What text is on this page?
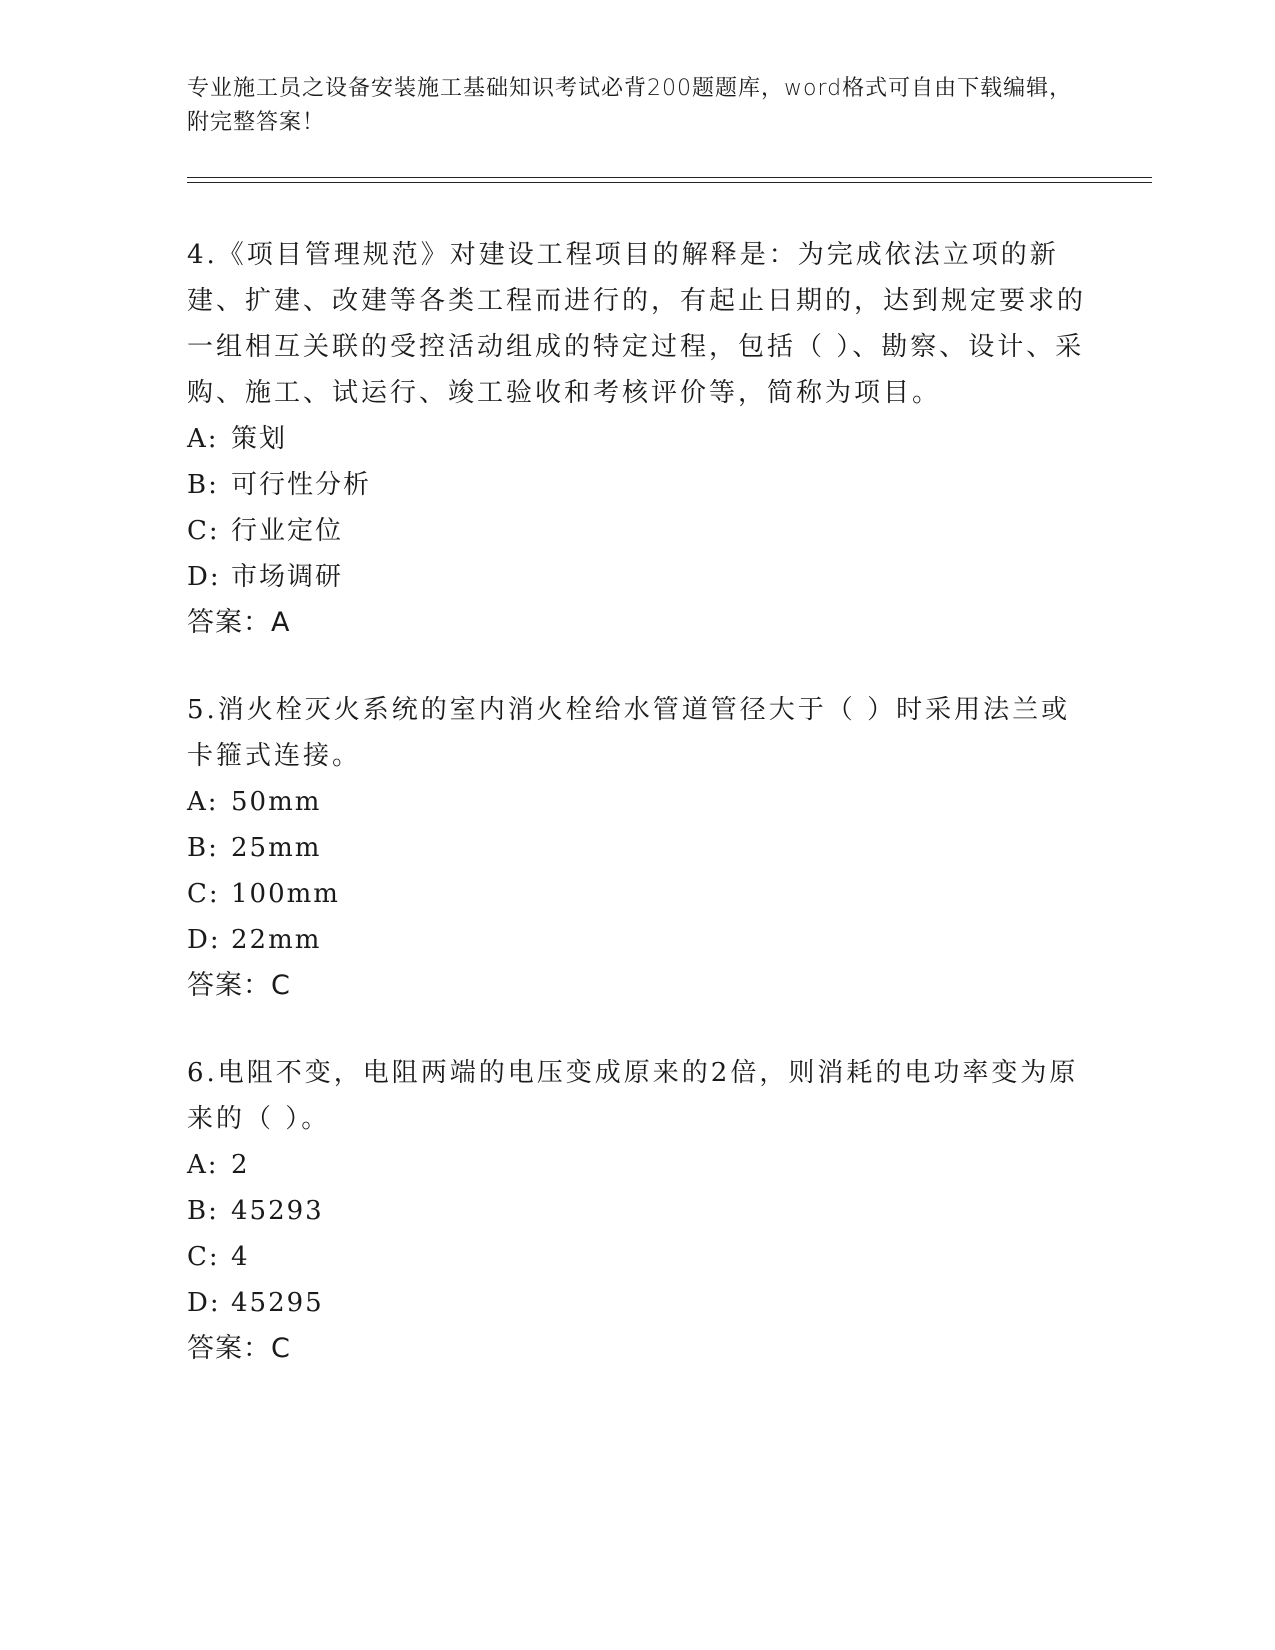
专业施工员之设备安装施工基础知识考试必背200题题库，word格式可自由下载编辑，附完整答案！

4.《项目管理规范》对建设工程项目的解释是：为完成依法立项的新建、扩建、改建等各类工程而进行的，有起止日期的，达到规定要求的一组相互关联的受控活动组成的特定过程，包括（ ）、勘察、设计、采购、施工、试运行、竣工验收和考核评价等，简称为项目。

A: 策划

B: 可行性分析

C: 行业定位

D: 市场调研

答案：A

5.消火栓灭火系统的室内消火栓给水管道管径大于（ ）时采用法兰或卡箍式连接。

A: 50mm

B: 25mm

C: 100mm

D: 22mm

答案：C

6.电阻不变，电阻两端的电压变成原来的2倍，则消耗的电功率变为原来的（ ）。

A: 2

B: 45293

C: 4

D: 45295

答案：C
